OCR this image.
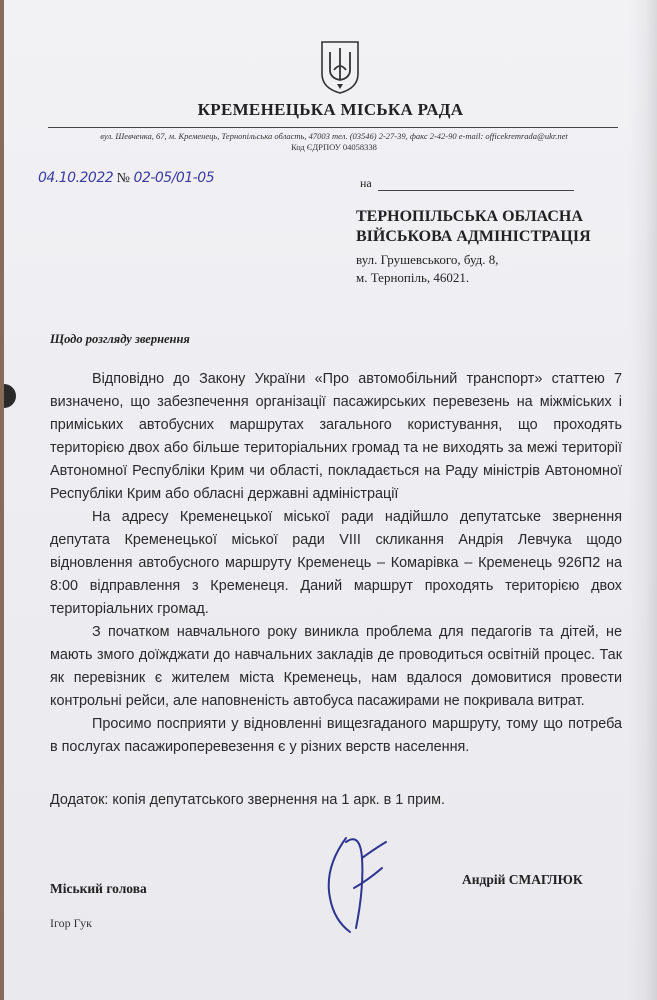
КРЕМЕНЕЦЬКА МІСЬКА РАДА
вул. Шевченка, 67, м. Кременець, Тернопільська область, 47003 тел. (03546) 2-27-39, факс 2-42-90 e-mail: officekremrada@ukr.net
Код ЄДРПОУ 04058338
04.10.2022 № 02-05/01-05	на
ТЕРНОПІЛЬСЬКА ОБЛАСНА
ВІЙСЬКОВА АДМІНІСТРАЦІЯ
вул. Грушевського, буд. 8,
м. Тернопіль, 46021.
Щодо розгляду звернення

Відповідно до Закону України «Про автомобільний транспорт» статтею 7 визначено, що забезпечення організації пасажирських перевезень на міжміських і приміських автобусних маршрутах загального користування, що проходять територією двох або більше територіальних громад та не виходять за межі території Автономної Республіки Крим чи області, покладається на Раду міністрів Автономної Республіки Крим або обласні державні адміністрації

На адресу Кременецької міської ради надійшло депутатське звернення депутата Кременецької міської ради VIII скликання Андрія Левчука щодо відновлення автобусного маршруту Кременець – Комарівка – Кременець 926П2 на 8:00 відправлення з Кременеця. Даний маршрут проходять територією двох територіальних громад.

З початком навчального року виникла проблема для педагогів та дітей, не мають змого доїжджати до навчальних закладів де проводиться освітній процес. Так як перевізник є жителем міста Кременець, нам вдалося домовитися провести контрольні рейси, але наповненість автобуса пасажирами не покривала витрат.

Просимо посприяти у відновленні вищезгаданого маршруту, тому що потреба в послугах пасажироперевезення є у різних верств населення.

Додаток: копія депутатського звернення на 1 арк. в 1 прим.
Міський голова
Андрій СМАГЛЮК
Ігор Гук
